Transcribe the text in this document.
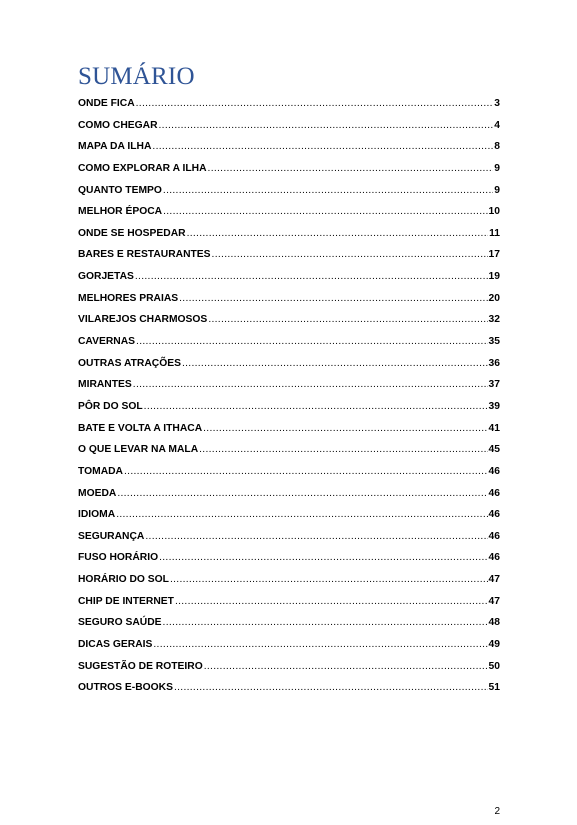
SUMÁRIO
ONDE FICA .....	3
COMO CHEGAR .....	4
MAPA DA ILHA .....	8
COMO EXPLORAR A ILHA .....	9
QUANTO TEMPO .....	9
MELHOR ÉPOCA .....	10
ONDE SE HOSPEDAR .....	11
BARES E RESTAURANTES .....	17
GORJETAS .....	19
MELHORES PRAIAS .....	20
VILAREJOS CHARMOSOS .....	32
CAVERNAS .....	35
OUTRAS ATRAÇÕES .....	36
MIRANTES .....	37
PÔR DO SOL .....	39
BATE E VOLTA A ITHACA .....	41
O QUE LEVAR NA MALA .....	45
TOMADA .....	46
MOEDA .....	46
IDIOMA .....	46
SEGURANÇA .....	46
FUSO HORÁRIO .....	46
HORÁRIO DO SOL .....	47
CHIP DE INTERNET .....	47
SEGURO SAÚDE .....	48
DICAS GERAIS .....	49
SUGESTÃO DE ROTEIRO .....	50
OUTROS E-BOOKS .....	51
2
